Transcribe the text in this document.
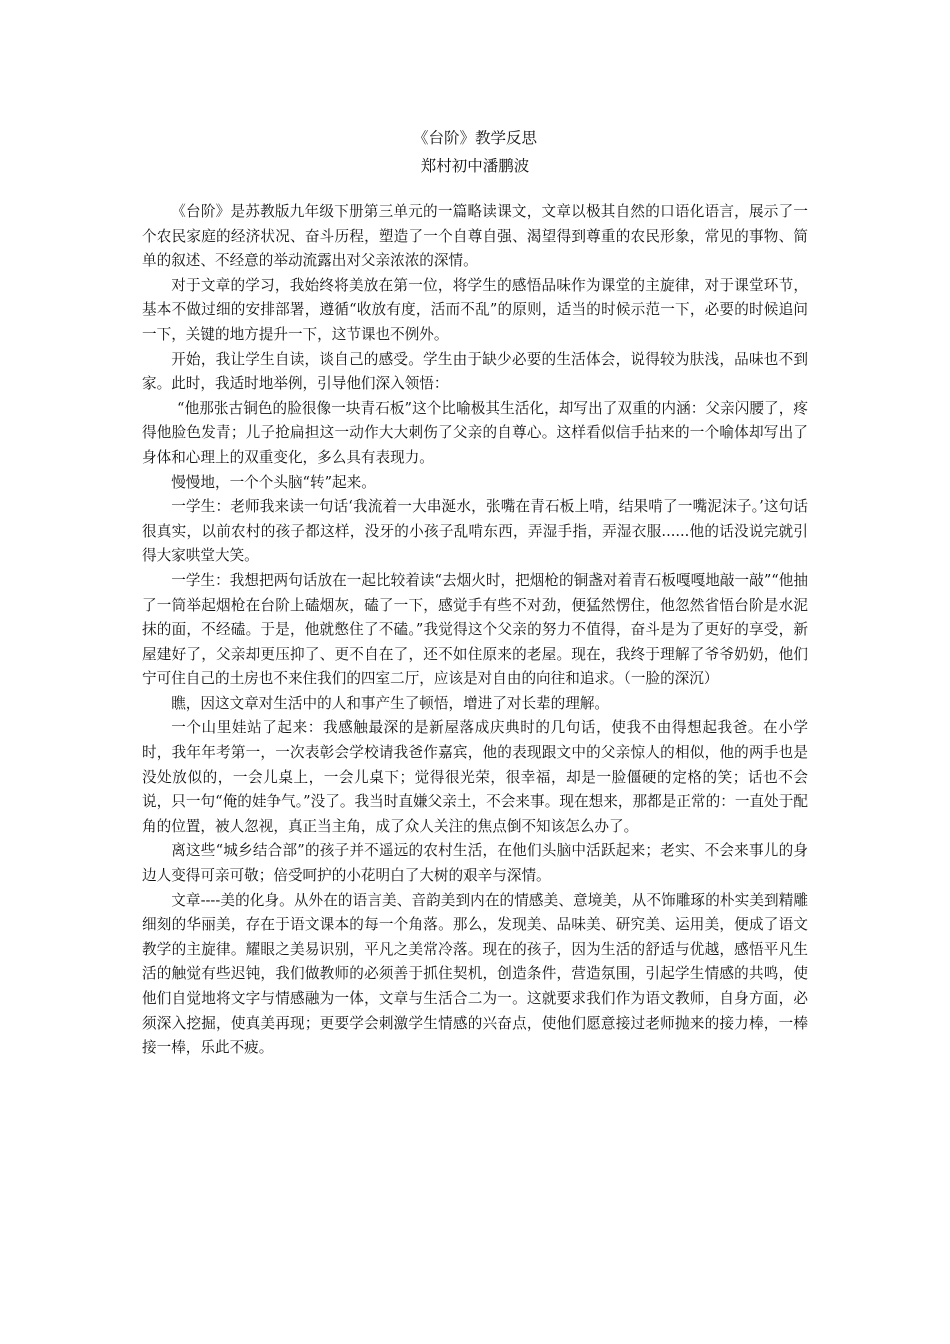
《台阶》教学反思

郑村初中潘鹏波

《台阶》是苏教版九年级下册第三单元的一篇略读课文，文章以极其自然的口语化语言，展示了一个农民家庭的经济状况、奋斗历程，塑造了一个自尊自强、渴望得到尊重的农民形象，常见的事物、简单的叙述、不经意的举动流露出对父亲浓浓的深情。

对于文章的学习，我始终将美放在第一位，将学生的感悟品味作为课堂的主旋律，对于课堂环节，基本不做过细的安排部署，遵循“收放有度，活而不乱”的原则，适当的时候示范一下，必要的时候追问一下，关键的地方提升一下，这节课也不例外。

开始，我让学生自读，谈自己的感受。学生由于缺少必要的生活体会，说得较为肤浅，品味也不到家。此时，我适时地举例，引导他们深入领悟：

“他那张古铜色的脸很像一块青石板”这个比喻极其生活化，却写出了双重的内涵：父亲闪腰了，疼得他脸色发青；儿子抢扁担这一动作大大刺伤了父亲的自尊心。这样看似信手拈来的一个喻体却写出了身体和心理上的双重变化，多么具有表现力。

慢慢地，一个个头脑“转”起来。

一学生：老师我来读一句话‘我流着一大串涎水，张嘴在青石板上啃，结果啃了一嘴泥沫子。’这句话很真实，以前农村的孩子都这样，没牙的小孩子乱啃东西，弄湿手指，弄湿衣服......他的话没说完就引得大家哄堂大笑。

一学生：我想把两句话放在一起比较着读“去烟火时，把烟枪的铜盏对着青石板嘎嘎地敲一敲”“他抽了一筒举起烟枪在台阶上磕烟灰，磕了一下，感觉手有些不对劲，便猛然愣住，他忽然省悟台阶是水泥抹的面，不经磕。于是，他就憋住了不磕。”我觉得这个父亲的努力不值得，奋斗是为了更好的享受，新屋建好了，父亲却更压抑了、更不自在了，还不如住原来的老屋。现在，我终于理解了爷爷奶奶，他们宁可住自己的土房也不来住我们的四室二厅，应该是对自由的向往和追求。（一脸的深沉）

瞧，因这文章对生活中的人和事产生了顿悟，增进了对长辈的理解。

一个山里娃站了起来：我感触最深的是新屋落成庆典时的几句话，使我不由得想起我爸。在小学时，我年年考第一，一次表彰会学校请我爸作嘉宾，他的表现跟文中的父亲惊人的相似，他的两手也是没处放似的，一会儿桌上，一会儿桌下；觉得很光荣，很幸福，却是一脸僵硬的定格的笑；话也不会说，只一句“俺的娃争气。”没了。我当时直嫌父亲土，不会来事。现在想来，那都是正常的：一直处于配角的位置，被人忽视，真正当主角，成了众人关注的焦点倒不知该怎么办了。

离这些“城乡结合部”的孩子并不遥远的农村生活，在他们头脑中活跃起来；老实、不会来事儿的身边人变得可亲可敬；倍受呵护的小花明白了大树的艰辛与深情。

文章----美的化身。从外在的语言美、音韵美到内在的情感美、意境美，从不饰雕琢的朴实美到精雕细刻的华丽美，存在于语文课本的每一个角落。那么，发现美、品味美、研究美、运用美，便成了语文教学的主旋律。耀眼之美易识别，平凡之美常冷落。现在的孩子，因为生活的舒适与优越，感悟平凡生活的触觉有些迟钝，我们做教师的必须善于抓住契机，创造条件，营造氛围，引起学生情感的共鸣，使他们自觉地将文字与情感融为一体，文章与生活合二为一。这就要求我们作为语文教师，自身方面，必须深入挖掘，使真美再现；更要学会刺激学生情感的兴奋点，使他们愿意接过老师抛来的接力棒，一棒接一棒，乐此不疲。
